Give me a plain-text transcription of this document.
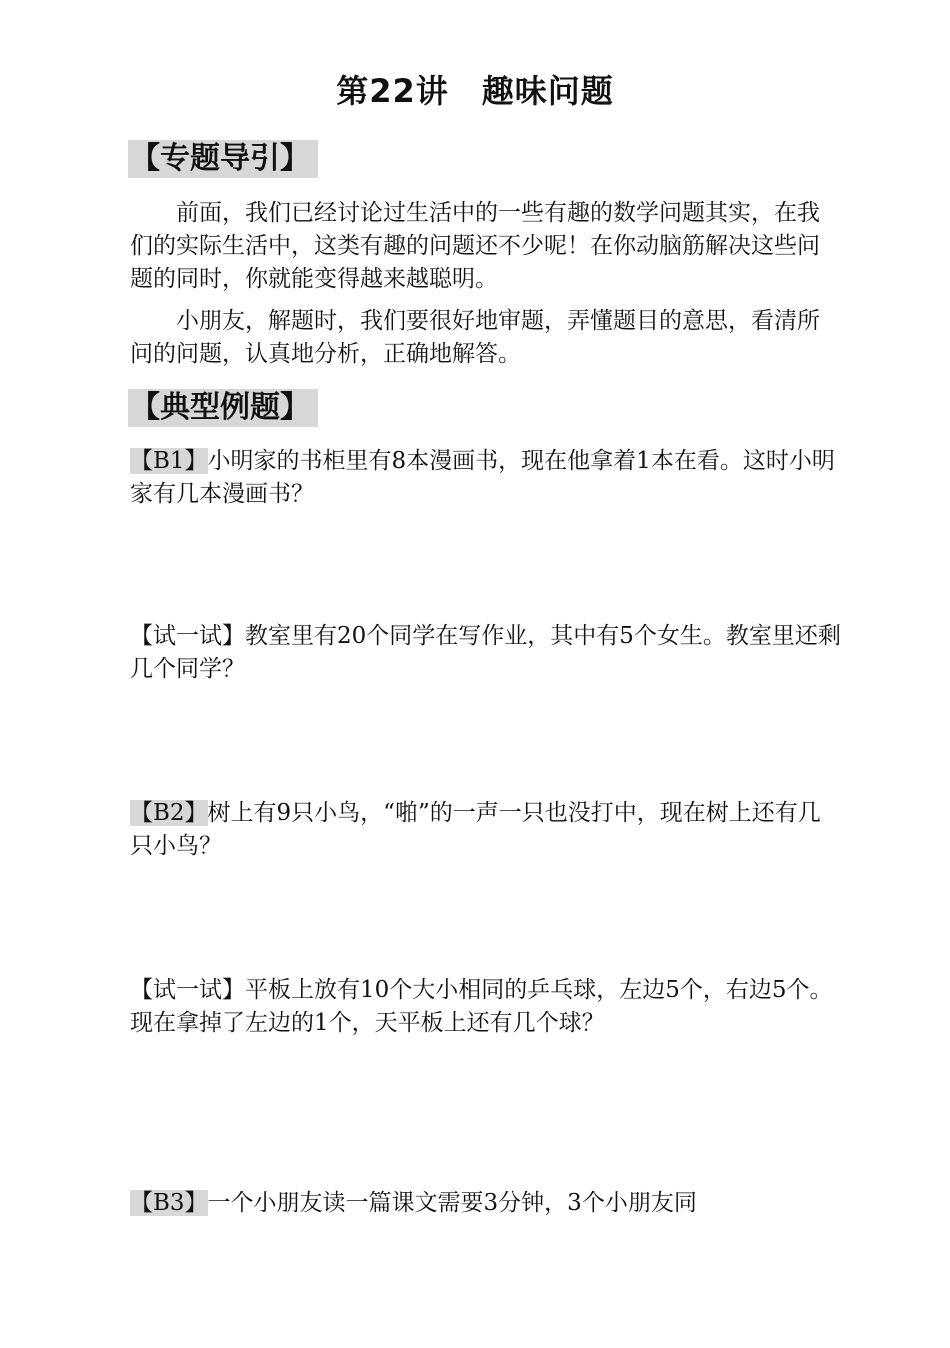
第22讲　趣味问题
【专题导引】

前面，我们已经讨论过生活中的一些有趣的数学问题其实，在我们的实际生活中，这类有趣的问题还不少呢！在你动脑筋解决这些问题的同时，你就能变得越来越聪明。

小朋友，解题时，我们要很好地审题，弄懂题目的意思，看清所问的问题，认真地分析，正确地解答。

【典型例题】

【B1】小明家的书柜里有8本漫画书，现在他拿着1本在看。这时小明家有几本漫画书？

【试一试】教室里有20个同学在写作业，其中有5个女生。教室里还剩几个同学？

【B2】树上有9只小鸟，“啪”的一声一只也没打中，现在树上还有几只小鸟？

【试一试】平板上放有10个大小相同的乒乓球，左边5个，右边5个。现在拿掉了左边的1个，天平板上还有几个球？

【B3】一个小朋友读一篇课文需要3分钟，3个小朋友同
